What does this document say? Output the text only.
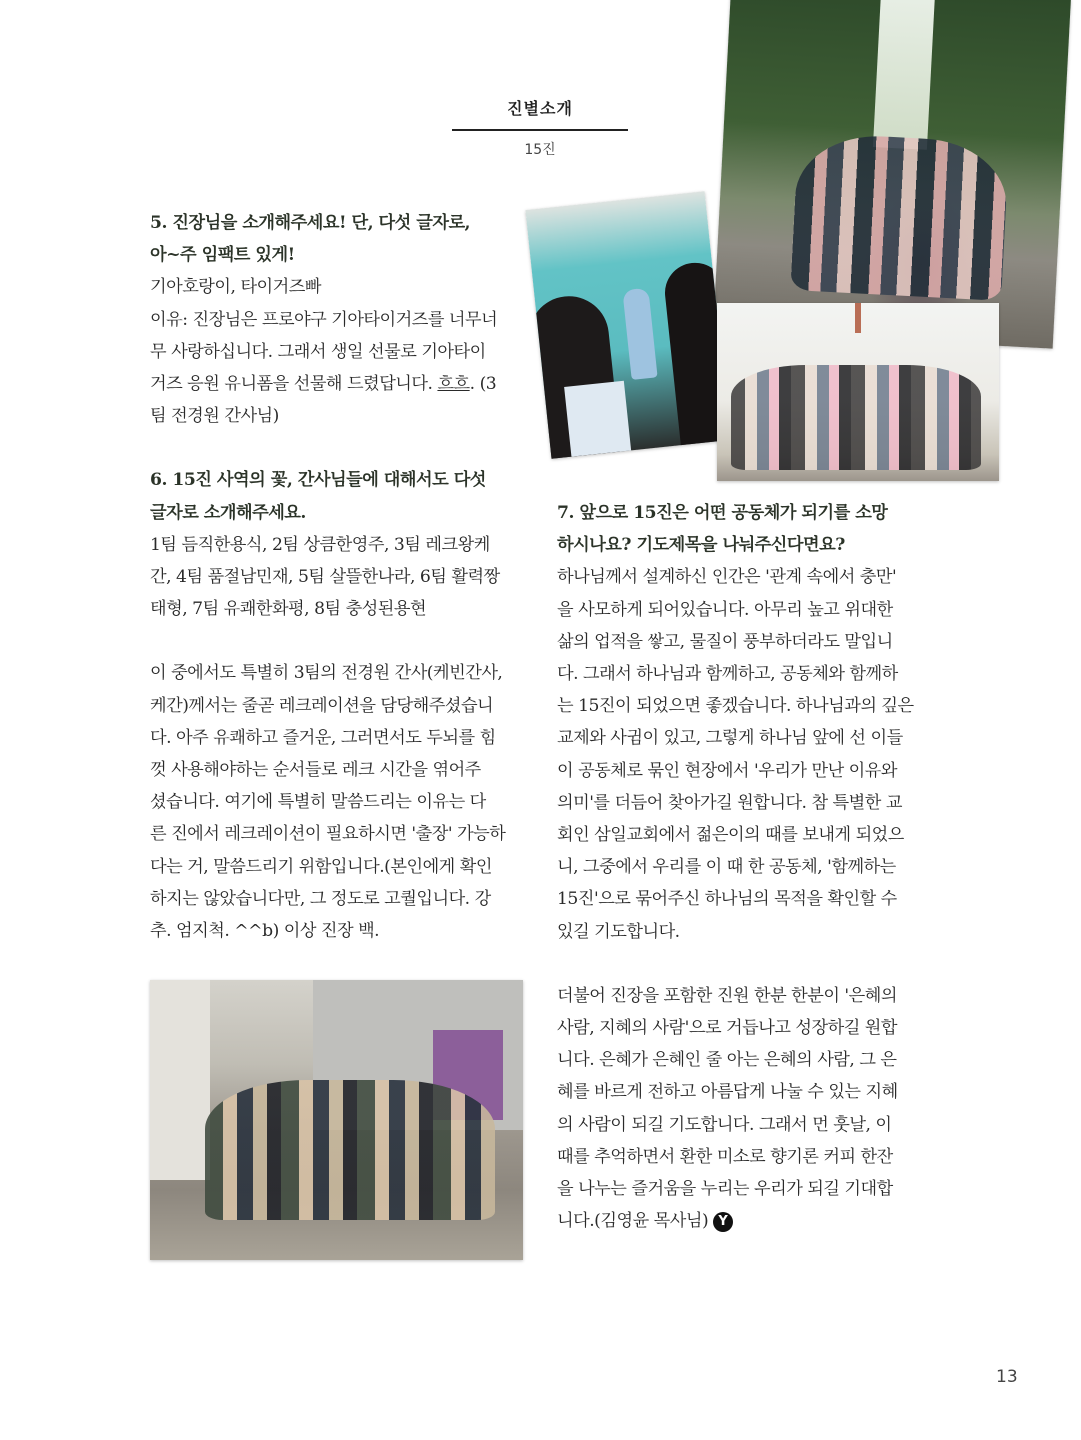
진별소개
15진

5. 진장님을 소개해주세요! 단, 다섯 글자로,

아~주 임팩트 있게!

기아호랑이, 타이거즈빠

이유: 진장님은 프로야구 기아타이거즈를 너무너

무 사랑하십니다. 그래서 생일 선물로 기아타이

거즈 응원 유니폼을 선물해 드렸답니다. 흐흐. (3

팀 전경원 간사님)

6. 15진 사역의 꽃, 간사님들에 대해서도 다섯

글자로 소개해주세요.

1팀 듬직한용식, 2팀 상큼한영주, 3팀 레크왕케

간, 4팀 품절남민재, 5팀 살뜰한나라, 6팀 활력짱

태형, 7팀 유쾌한화평, 8팀 충성된용현

이 중에서도 특별히 3팀의 전경원 간사(케빈간사,

케간)께서는 줄곧 레크레이션을 담당해주셨습니

다. 아주 유쾌하고 즐거운, 그러면서도 두뇌를 힘

껏 사용해야하는 순서들로 레크 시간을 엮어주

셨습니다. 여기에 특별히 말씀드리는 이유는 다

른 진에서 레크레이션이 필요하시면 '출장' 가능하

다는 거, 말씀드리기 위함입니다.(본인에게 확인

하지는 않았습니다만, 그 정도로 고퀄입니다. 강

추. 엄지척. ^^b) 이상 진장 백.

7. 앞으로 15진은 어떤 공동체가 되기를 소망

하시나요? 기도제목을 나눠주신다면요?

하나님께서 설계하신 인간은 '관계 속에서 충만'

을 사모하게 되어있습니다. 아무리 높고 위대한

삶의 업적을 쌓고, 물질이 풍부하더라도 말입니

다. 그래서 하나님과 함께하고, 공동체와 함께하

는 15진이 되었으면 좋겠습니다. 하나님과의 깊은

교제와 사귐이 있고, 그렇게 하나님 앞에 선 이들

이 공동체로 묶인 현장에서 '우리가 만난 이유와

의미'를 더듬어 찾아가길 원합니다. 참 특별한 교

회인 삼일교회에서 젊은이의 때를 보내게 되었으

니, 그중에서 우리를 이 때 한 공동체, '함께하는

15진'으로 묶어주신 하나님의 목적을 확인할 수

있길 기도합니다.

더불어 진장을 포함한 진원 한분 한분이 '은혜의

사람, 지혜의 사람'으로 거듭나고 성장하길 원합

니다. 은혜가 은혜인 줄 아는 은혜의 사람, 그 은

혜를 바르게 전하고 아름답게 나눌 수 있는 지혜

의 사람이 되길 기도합니다. 그래서 먼 훗날, 이

때를 추억하면서 환한 미소로 향기론 커피 한잔

을 나누는 즐거움을 누리는 우리가 되길 기대합

니다.(김영윤 목사님) Y

13
